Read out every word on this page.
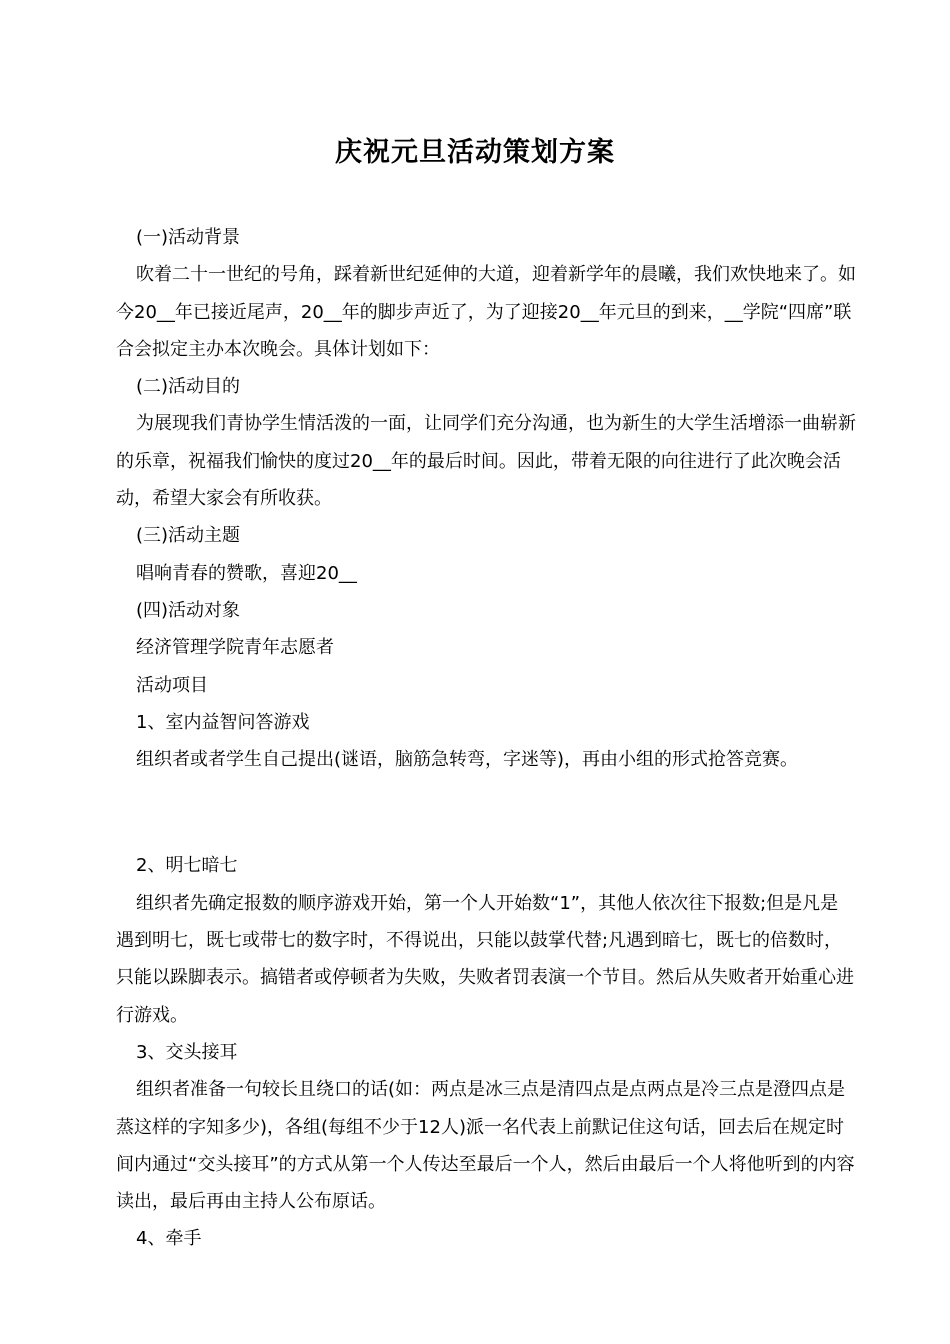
庆祝元旦活动策划方案

(一)活动背景

吹着二十一世纪的号角，踩着新世纪延伸的大道，迎着新学年的晨曦，我们欢快地来了。如今20__年已接近尾声，20__年的脚步声近了，为了迎接20__年元旦的到来，__学院“四席”联合会拟定主办本次晚会。具体计划如下：

(二)活动目的

为展现我们青协学生情活泼的一面，让同学们充分沟通，也为新生的大学生活增添一曲崭新的乐章，祝福我们愉快的度过20__年的最后时间。因此，带着无限的向往进行了此次晚会活动，希望大家会有所收获。

(三)活动主题

唱响青春的赞歌，喜迎20__

(四)活动对象

经济管理学院青年志愿者

活动项目

1、室内益智问答游戏

组织者或者学生自己提出(谜语，脑筋急转弯，字迷等)，再由小组的形式抢答竞赛。

2、明七暗七

组织者先确定报数的顺序游戏开始，第一个人开始数“1”，其他人依次往下报数;但是凡是遇到明七，既七或带七的数字时，不得说出，只能以鼓掌代替;凡遇到暗七，既七的倍数时，只能以跺脚表示。搞错者或停顿者为失败，失败者罚表演一个节目。然后从失败者开始重心进行游戏。

3、交头接耳

组织者准备一句较长且绕口的话(如：两点是冰三点是清四点是点两点是冷三点是澄四点是蒸这样的字知多少)，各组(每组不少于12人)派一名代表上前默记住这句话，回去后在规定时间内通过“交头接耳”的方式从第一个人传达至最后一个人，然后由最后一个人将他听到的内容读出，最后再由主持人公布原话。

4、牵手
